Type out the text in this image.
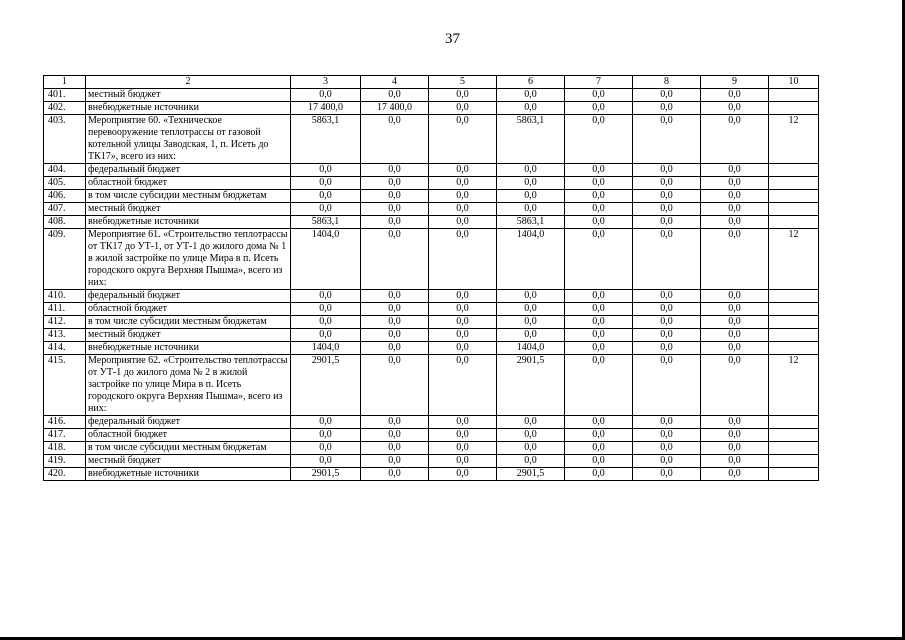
37
1	2	3	4	5	6	7	8	9	10
401.	местный бюджет	0,0	0,0	0,0	0,0	0,0	0,0	0,0	
402.	внебюджетные источники	17 400,0	17 400,0	0,0	0,0	0,0	0,0	0,0	
403.	Мероприятие 60. «Техническое перевооружение теплотрассы от газовой котельной улицы Заводская, 1, п. Исеть до ТК17», всего из них:	5863,1	0,0	0,0	5863,1	0,0	0,0	0,0	12
404.	федеральный бюджет	0,0	0,0	0,0	0,0	0,0	0,0	0,0	
405.	областной бюджет	0,0	0,0	0,0	0,0	0,0	0,0	0,0	
406.	в том числе субсидии местным бюджетам	0,0	0,0	0,0	0,0	0,0	0,0	0,0	
407.	местный бюджет	0,0	0,0	0,0	0,0	0,0	0,0	0,0	
408.	внебюджетные источники	5863,1	0,0	0,0	5863,1	0,0	0,0	0,0	
409.	Мероприятие 61. «Строительство теплотрассы от ТК17 до УТ-1, от УТ-1 до жилого дома № 1 в жилой застройке по улице Мира в п. Исеть городского округа Верхняя Пышма», всего из них:	1404,0	0,0	0,0	1404,0	0,0	0,0	0,0	12
410.	федеральный бюджет	0,0	0,0	0,0	0,0	0,0	0,0	0,0	
411.	областной бюджет	0,0	0,0	0,0	0,0	0,0	0,0	0,0	
412.	в том числе субсидии местным бюджетам	0,0	0,0	0,0	0,0	0,0	0,0	0,0	
413.	местный бюджет	0,0	0,0	0,0	0,0	0,0	0,0	0,0	
414.	внебюджетные источники	1404,0	0,0	0,0	1404,0	0,0	0,0	0,0	
415.	Мероприятие 62. «Строительство теплотрассы от УТ-1 до жилого дома № 2 в жилой застройке по улице Мира в п. Исеть городского округа Верхняя Пышма», всего из них:	2901,5	0,0	0,0	2901,5	0,0	0,0	0,0	12
416.	федеральный бюджет	0,0	0,0	0,0	0,0	0,0	0,0	0,0	
417.	областной бюджет	0,0	0,0	0,0	0,0	0,0	0,0	0,0	
418.	в том числе субсидии местным бюджетам	0,0	0,0	0,0	0,0	0,0	0,0	0,0	
419.	местный бюджет	0,0	0,0	0,0	0,0	0,0	0,0	0,0	
420.	внебюджетные источники	2901,5	0,0	0,0	2901,5	0,0	0,0	0,0	
